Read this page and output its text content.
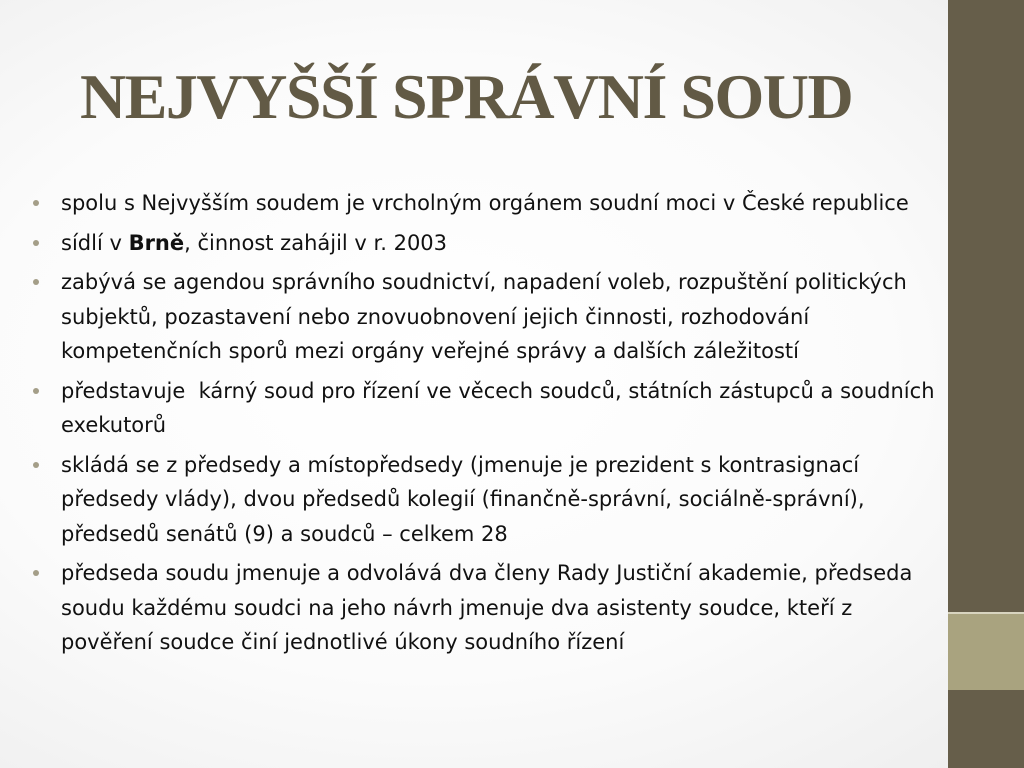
NEJVYŠŠÍ SPRÁVNÍ SOUD
spolu s Nejvyšším soudem je vrcholným orgánem soudní moci v České republice
sídlí v Brně, činnost zahájil v r. 2003
zabývá se agendou správního soudnictví, napadení voleb, rozpuštění politických subjektů, pozastavení nebo znovuobnovení jejich činnosti, rozhodování kompetenčních sporů mezi orgány veřejné správy a dalších záležitostí
představuje  kárný soud pro řízení ve věcech soudců, státních zástupců a soudních exekutorů
skládá se z předsedy a místopředsedy (jmenuje je prezident s kontrasignací předsedy vlády), dvou předsedů kolegií (finančně-správní, sociálně-správní), předsedů senátů (9) a soudců – celkem 28
předseda soudu jmenuje a odvolává dva členy Rady Justiční akademie, předseda soudu každému soudci na jeho návrh jmenuje dva asistenty soudce, kteří z pověření soudce činí jednotlivé úkony soudního řízení
